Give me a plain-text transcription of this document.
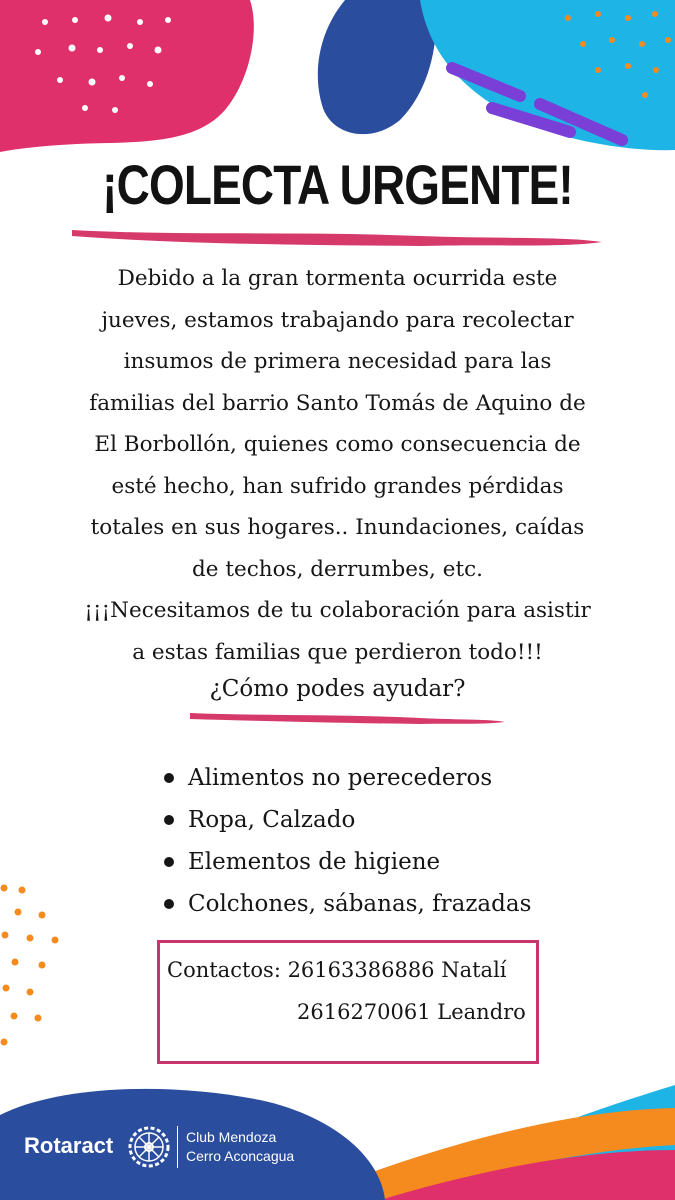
¡COLECTA URGENTE!
Debido a la gran tormenta ocurrida este
jueves, estamos trabajando para recolectar
insumos de primera necesidad para las
familias del barrio Santo Tomás de Aquino de
El Borbollón, quienes como consecuencia de
esté hecho, han sufrido grandes pérdidas
totales en sus hogares.. Inundaciones, caídas
de techos, derrumbes, etc.
¡¡¡Necesitamos de tu colaboración para asistir
a estas familias que perdieron todo!!!
¿Cómo podes ayudar?
Alimentos no perecederos
Ropa, Calzado
Elementos de higiene
Colchones, sábanas, frazadas
Contactos: 26163386886 Natalí
2616270061 Leandro
Rotaract	Club Mendoza
Cerro Aconcagua
